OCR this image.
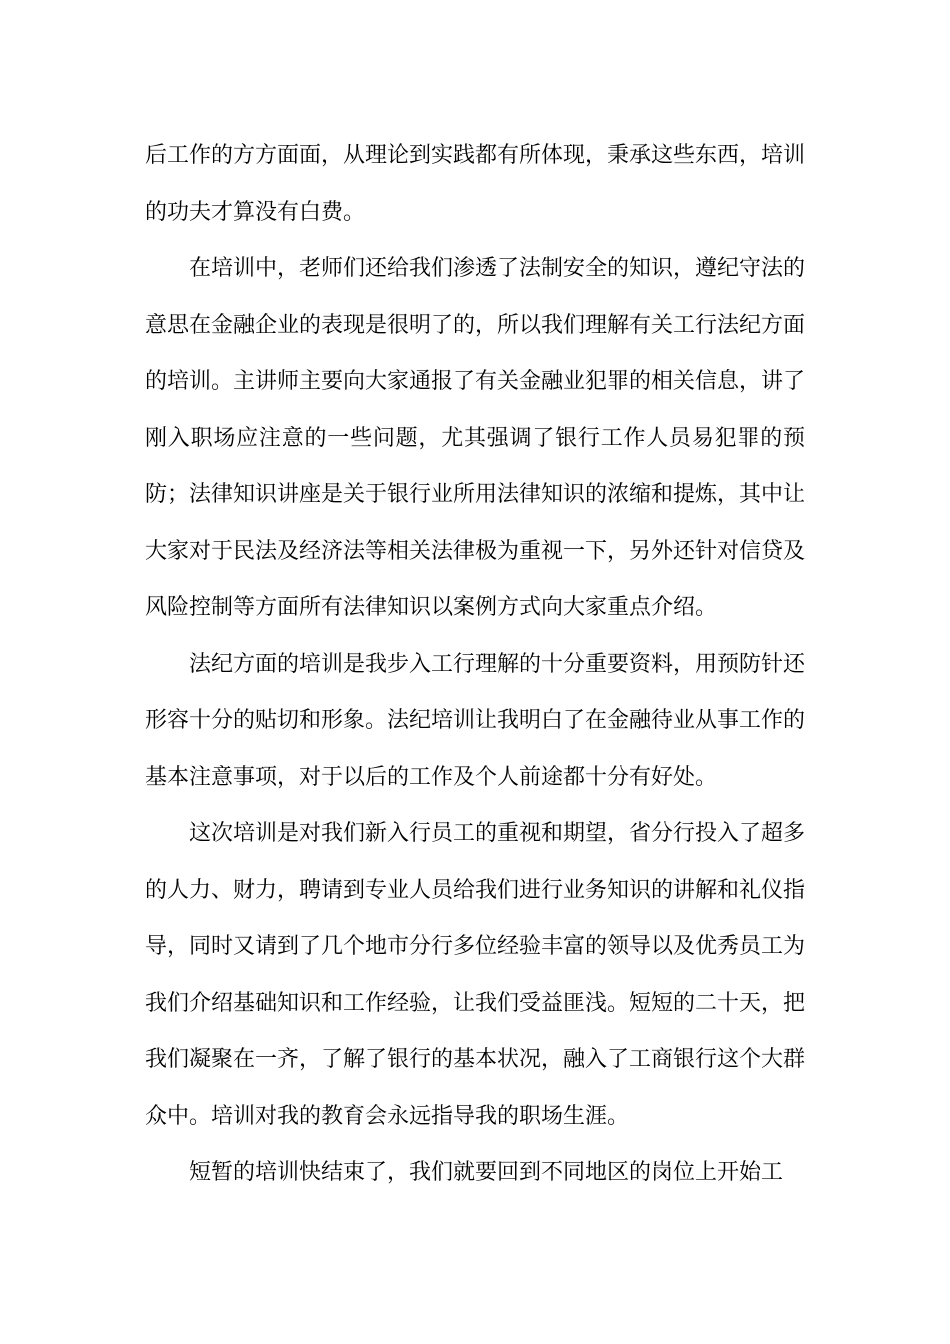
后工作的方方面面，从理论到实践都有所体现，秉承这些东西，培训的功夫才算没有白费。

在培训中，老师们还给我们渗透了法制安全的知识，遵纪守法的意思在金融企业的表现是很明了的，所以我们理解有关工行法纪方面的培训。主讲师主要向大家通报了有关金融业犯罪的相关信息，讲了刚入职场应注意的一些问题，尤其强调了银行工作人员易犯罪的预防；法律知识讲座是关于银行业所用法律知识的浓缩和提炼，其中让大家对于民法及经济法等相关法律极为重视一下，另外还针对信贷及风险控制等方面所有法律知识以案例方式向大家重点介绍。

法纪方面的培训是我步入工行理解的十分重要资料，用预防针还形容十分的贴切和形象。法纪培训让我明白了在金融待业从事工作的基本注意事项，对于以后的工作及个人前途都十分有好处。

这次培训是对我们新入行员工的重视和期望，省分行投入了超多的人力、财力，聘请到专业人员给我们进行业务知识的讲解和礼仪指导，同时又请到了几个地市分行多位经验丰富的领导以及优秀员工为我们介绍基础知识和工作经验，让我们受益匪浅。短短的二十天，把我们凝聚在一齐，了解了银行的基本状况，融入了工商银行这个大群众中。培训对我的教育会永远指导我的职场生涯。

短暂的培训快结束了，我们就要回到不同地区的岗位上开始工
